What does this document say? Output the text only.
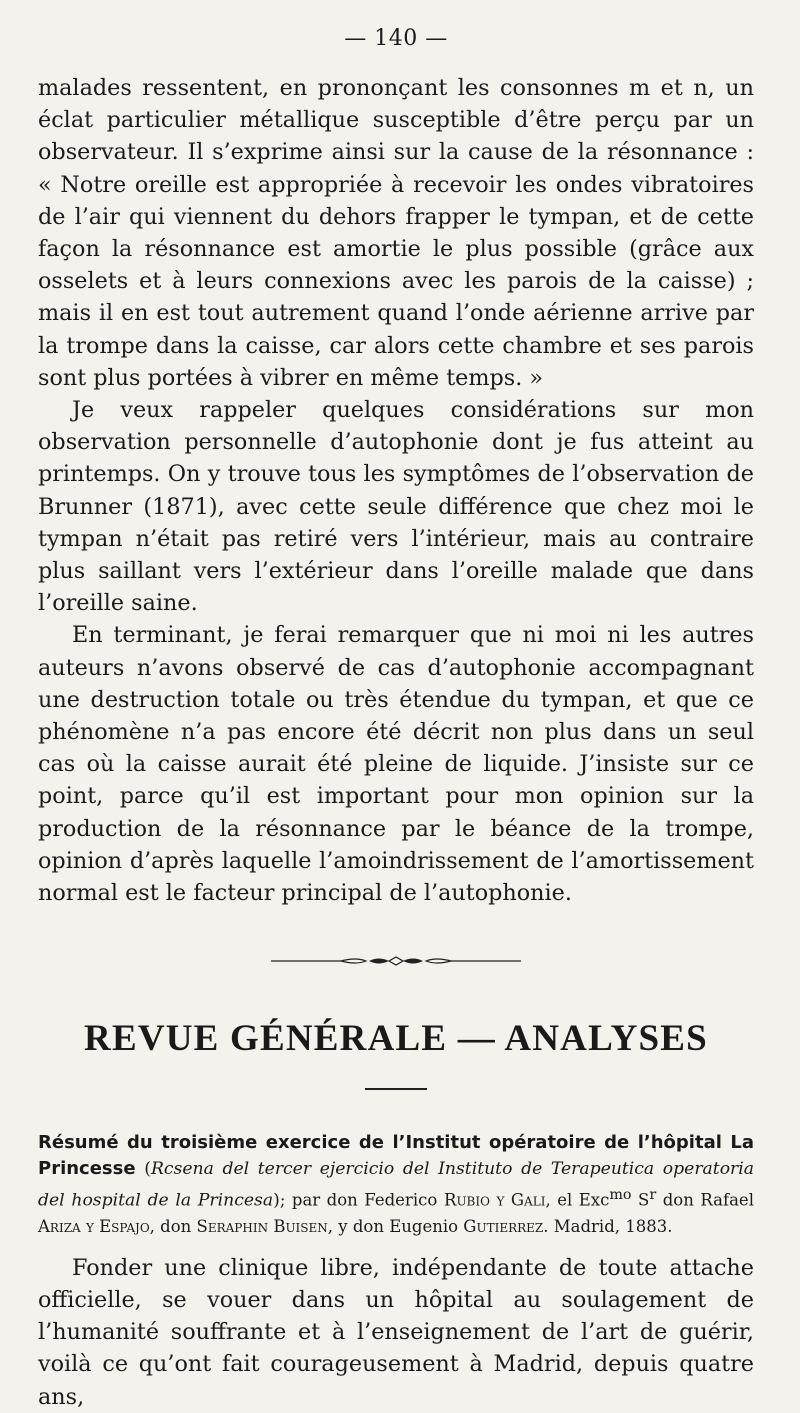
— 140 —

malades ressentent, en prononçant les consonnes m et n, un éclat particulier métallique susceptible d’être perçu par un observateur. Il s’exprime ainsi sur la cause de la résonnance : « Notre oreille est appropriée à recevoir les ondes vibratoires de l’air qui viennent du dehors frapper le tympan, et de cette façon la résonnance est amortie le plus possible (grâce aux osselets et à leurs connexions avec les parois de la caisse) ; mais il en est tout autrement quand l’onde aérienne arrive par la trompe dans la caisse, car alors cette chambre et ses parois sont plus portées à vibrer en même temps. »

Je veux rappeler quelques considérations sur mon observation personnelle d’autophonie dont je fus atteint au printemps. On y trouve tous les symptômes de l’observation de Brunner (1871), avec cette seule différence que chez moi le tympan n’était pas retiré vers l’intérieur, mais au contraire plus saillant vers l’extérieur dans l’oreille malade que dans l’oreille saine.

En terminant, je ferai remarquer que ni moi ni les autres auteurs n’avons observé de cas d’autophonie accompagnant une destruction totale ou très étendue du tympan, et que ce phénomène n’a pas encore été décrit non plus dans un seul cas où la caisse aurait été pleine de liquide. J’insiste sur ce point, parce qu’il est important pour mon opinion sur la production de la résonnance par le béance de la trompe, opinion d’après laquelle l’amoindrissement de l’amortissement normal est le facteur principal de l’autophonie.

REVUE GÉNÉRALE — ANALYSES

Résumé du troisième exercice de l’Institut opératoire de l’hôpital La Princesse (Rcsena del tercer ejercicio del Instituto de Terapeutica operatoria del hospital de la Princesa); par don Federico Rubio y Gali, el Exc$^{mo}$ $S^r$ don Rafael Ariza y Espajo, don Seraphin Buisen, y don Eugenio Gutierrez. Madrid, 1883.

Fonder une clinique libre, indépendante de toute attache officielle, se vouer dans un hôpital au soulagement de l’humanité souffrante et à l’enseignement de l’art de guérir, voilà ce qu’ont fait courageusement à Madrid, depuis quatre ans,
